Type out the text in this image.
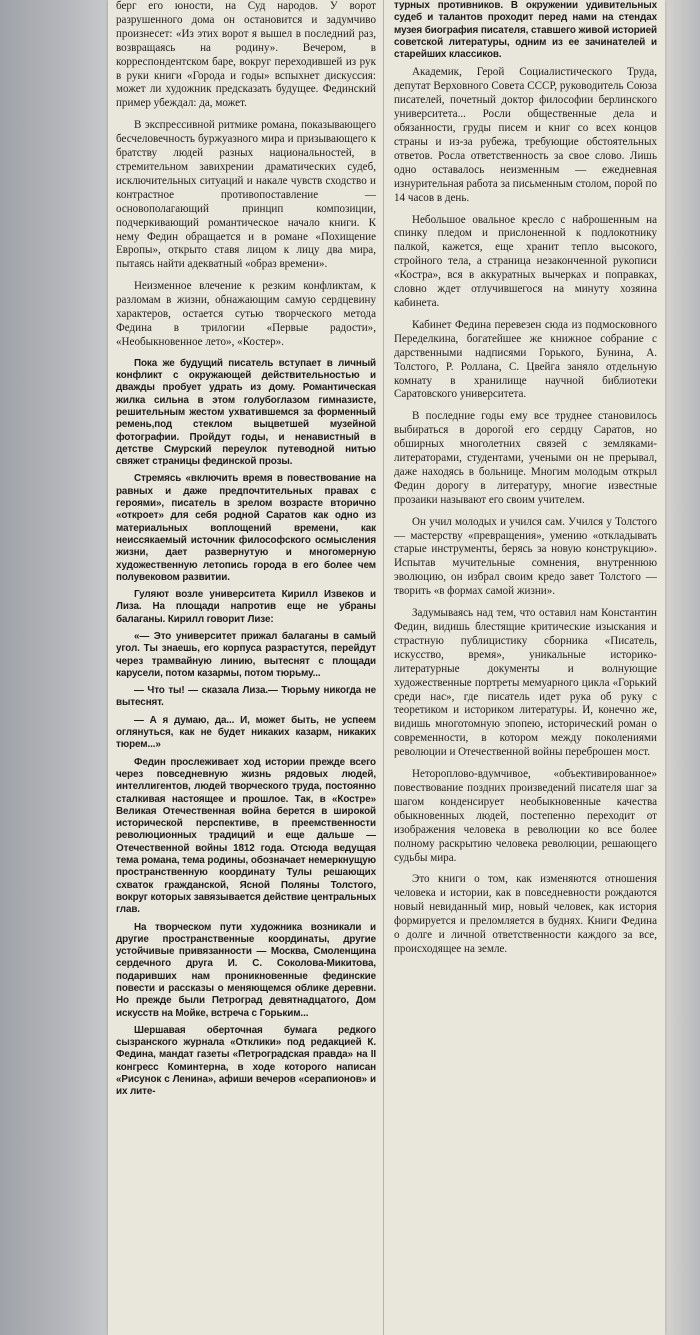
берг его юности, на Суд народов. У ворот разрушенного дома он остановится и задумчиво произнесет: «Из этих ворот я вышел в последний раз, возвращаясь на родину». Вечером, в корреспондентском баре, вокруг переходившей из рук в руки книги «Города и годы» вспыхнет дискуссия: может ли художник предсказать будущее. Фединский пример убеждал: да, может.

В экспрессивной ритмике романа, показывающего бесчеловечность буржуазного мира и призывающего к братству людей разных национальностей, в стремительном завихрении драматических судеб, исключительных ситуаций и накале чувств сходство и контрастное противопоставление — основополагающий принцип композиции, подчеркивающий романтическое начало книги. К нему Федин обращается и в романе «Похищение Европы», открыто ставя лицом к лицу два мира, пытаясь найти адекватный «образ времени».

Неизменное влечение к резким конфликтам, к разломам в жизни, обнажающим самую сердцевину характеров, остается сутью творческого метода Федина в трилогии «Первые радости», «Необыкновенное лето», «Костер».

Пока же будущий писатель вступает в личный конфликт с окружающей действительностью и дважды пробует удрать из дому. Романтическая жилка сильна в этом голубоглазом гимназисте, решительным жестом ухватившемся за форменный ремень,под стеклом выцветшей музейной фотографии. Пройдут годы, и ненавистный в детстве Смурский переулок путеводной нитью свяжет страницы фединской прозы.

Стремясь «включить время в повествование на равных и даже предпочтительных правах с героями», писатель в зрелом возрасте вторично «откроет» для себя родной Саратов как одно из материальных воплощений времени, как неиссякаемый источник философского осмысления жизни, дает развернутую и многомерную художественную летопись города в его более чем полувековом развитии.

Гуляют возле университета Кирилл Извеков и Лиза. На площади напротив еще не убраны балаганы. Кирилл говорит Лизе:

«— Это университет прижал балаганы в самый угол. Ты знаешь, его корпуса разрастутся, перейдут через трамвайную линию, вытеснят с площади карусели, потом казармы, потом тюрьму...

— Что ты! — сказала Лиза.— Тюрьму никогда не вытеснят.

— А я думаю, да... И, может быть, не успеем оглянуться, как не будет никаких казарм, никаких тюрем...»

Федин прослеживает ход истории прежде всего через повседневную жизнь рядовых людей, интеллигентов, людей творческого труда, постоянно сталкивая настоящее и прошлое. Так, в «Костре» Великая Отечественная война берется в широкой исторической перспективе, в преемственности революционных традиций и еще дальше — Отечественной войны 1812 года. Отсюда ведущая тема романа, тема родины, обозначает немеркнущую пространственную координату Тулы решающих схваток гражданской, Ясной Поляны Толстого, вокруг которых завязывается действие центральных глав.

На творческом пути художника возникали и другие пространственные координаты, другие устойчивые привязанности — Москва, Смоленщина сердечного друга И. С. Соколова-Микитова, подаривших нам проникновенные фединские повести и рассказы о меняющемся облике деревни. Но прежде были Петроград девятнадцатого, Дом искусств на Мойке, встреча с Горьким...

Шершавая оберточная бумага редкого сызранского журнала «Отклики» под редакцией К. Федина, мандат газеты «Петроградская правда» на II конгресс Коминтерна, в ходе которого написан «Рисунок с Ленина», афиши вечеров «серапионов» и их лите-

турных противников. В окружении удивительных судеб и талантов проходит перед нами на стендах музея биография писателя, ставшего живой историей советской литературы, одним из ее зачинателей и старейших классиков.

Академик, Герой Социалистического Труда, депутат Верховного Совета СССР, руководитель Союза писателей, почетный доктор философии берлинского университета... Росли общественные дела и обязанности, груды писем и книг со всех концов страны и из-за рубежа, требующие обстоятельных ответов. Росла ответственность за свое слово. Лишь одно оставалось неизменным — ежедневная изнурительная работа за письменным столом, порой по 14 часов в день.

Небольшое овальное кресло с наброшенным на спинку пледом и прислоненной к подлокотнику палкой, кажется, еще хранит тепло высокого, стройного тела, а страница незаконченной рукописи «Костра», вся в аккуратных вычерках и поправках, словно ждет отлучившегося на минуту хозяина кабинета.

Кабинет Федина перевезен сюда из подмосковного Переделкина, богатейшее же книжное собрание с дарственными надписями Горького, Бунина, А. Толстого, Р. Роллана, С. Цвейга заняло отдельную комнату в хранилище научной библиотеки Саратовского университета.

В последние годы ему все труднее становилось выбираться в дорогой его сердцу Саратов, но обширных многолетних связей с земляками-литераторами, студентами, учеными он не прерывал, даже находясь в больнице. Многим молодым открыл Федин дорогу в литературу, многие известные прозаики называют его своим учителем.

Он учил молодых и учился сам. Учился у Толстого — мастерству «превращения», умению «откладывать старые инструменты, берясь за новую конструкцию». Испытав мучительные сомнения, внутреннюю эволюцию, он избрал своим кредо завет Толстого — творить «в формах самой жизни».

Задумываясь над тем, что оставил нам Константин Федин, видишь блестящие критические изыскания и страстную публицистику сборника «Писатель, искусство, время», уникальные историко-литературные документы и волнующие художественные портреты мемуарного цикла «Горький среди нас», где писатель идет рука об руку с теоретиком и историком литературы. И, конечно же, видишь многотомную эпопею, исторический роман о современности, в котором между поколениями революции и Отечественной войны переброшен мост.

Нетороплово-вдумчивое, «объективированное» повествование поздних произведений писателя шаг за шагом конденсирует необыкновенные качества обыкновенных людей, постепенно переходит от изображения человека в революции ко все более полному раскрытию человека революции, решающего судьбы мира.

Это книги о том, как изменяются отношения человека и истории, как в повседневности рождаются новый невиданный мир, новый человек, как история формируется и преломляется в буднях. Книги Федина о долге и личной ответственности каждого за все, происходящее на земле.
